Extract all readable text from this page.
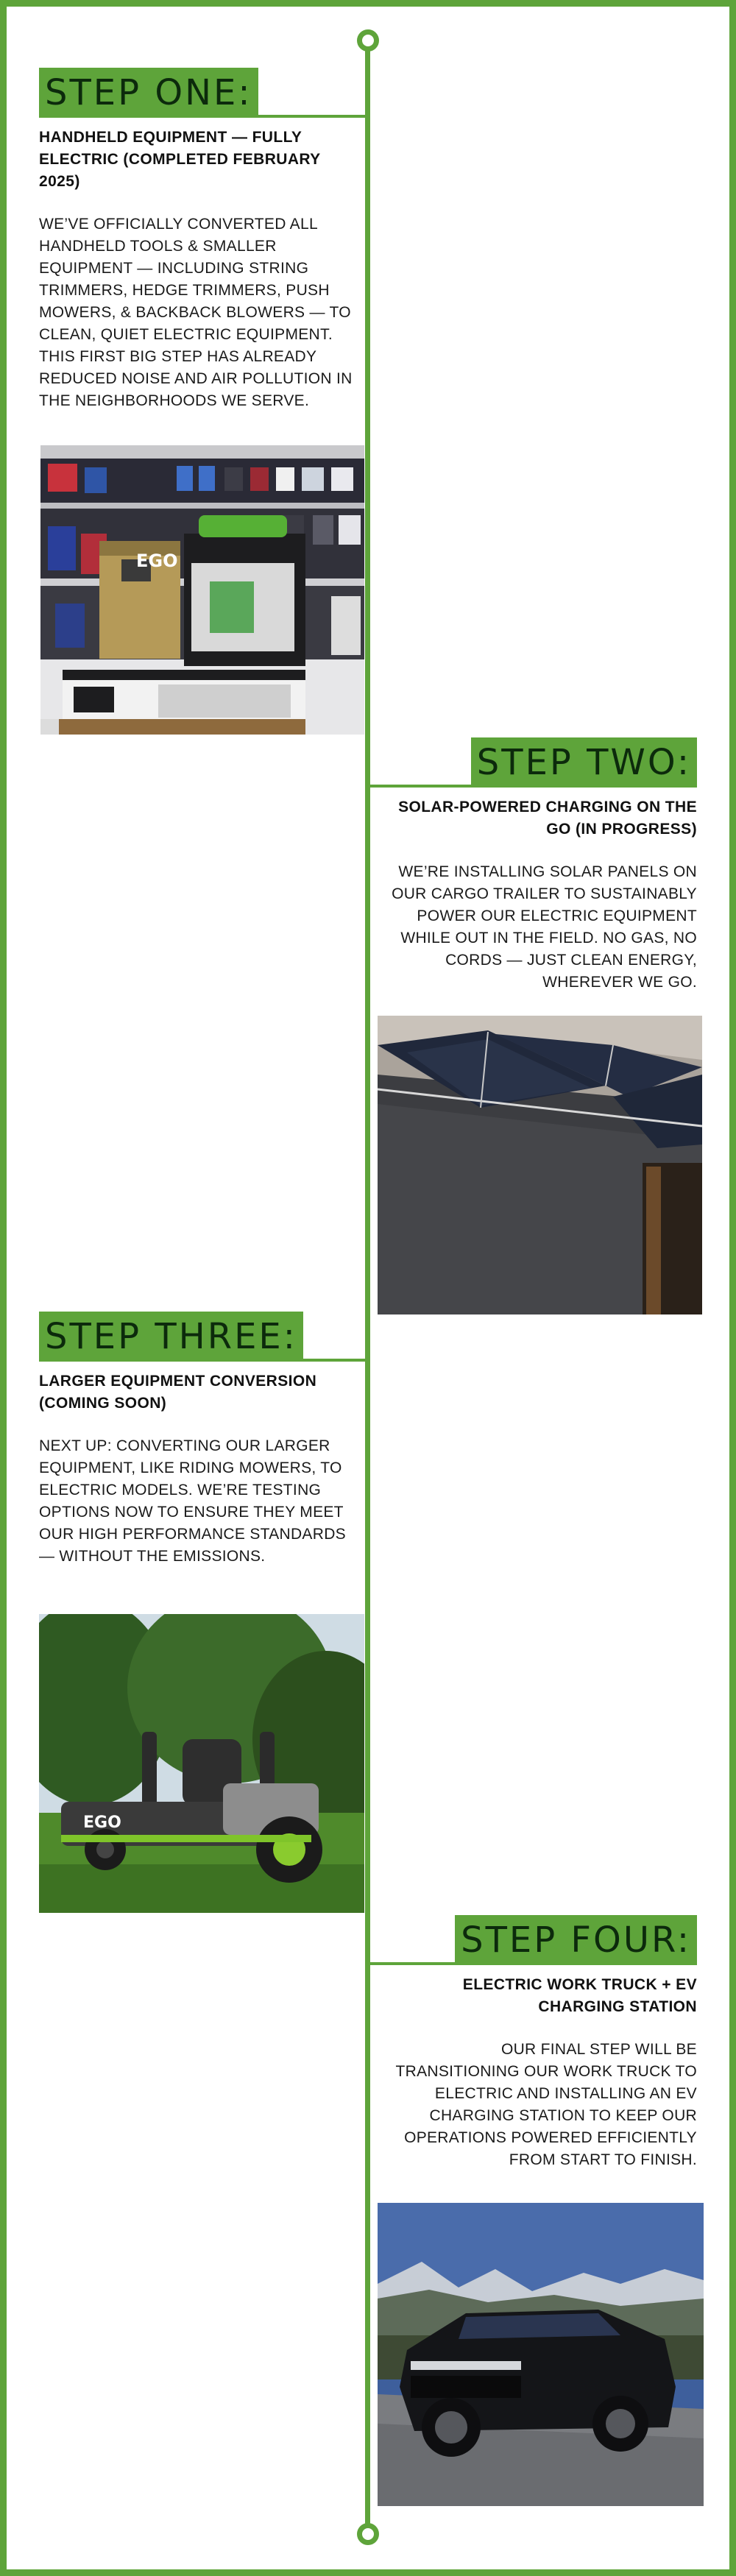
STEP ONE:

HANDHELD EQUIPMENT — FULLY ELECTRIC (COMPLETED FEBRUARY 2025)

WE’VE OFFICIALLY CONVERTED ALL HANDHELD TOOLS & SMALLER EQUIPMENT — INCLUDING STRING TRIMMERS, HEDGE TRIMMERS, PUSH MOWERS, & BACKBACK BLOWERS — TO CLEAN, QUIET ELECTRIC EQUIPMENT. THIS FIRST BIG STEP HAS ALREADY REDUCED NOISE AND AIR POLLUTION IN THE NEIGHBORHOODS WE SERVE.

EGO
STEP TWO:

SOLAR-POWERED CHARGING ON THE GO (IN PROGRESS)

WE’RE INSTALLING SOLAR PANELS ON OUR CARGO TRAILER TO SUSTAINABLY POWER OUR ELECTRIC EQUIPMENT WHILE OUT IN THE FIELD. NO GAS, NO CORDS — JUST CLEAN ENERGY, WHEREVER WE GO.

STEP THREE:

LARGER EQUIPMENT CONVERSION (COMING SOON)

NEXT UP: CONVERTING OUR LARGER EQUIPMENT, LIKE RIDING MOWERS, TO ELECTRIC MODELS. WE’RE TESTING OPTIONS NOW TO ENSURE THEY MEET OUR HIGH PERFORMANCE STANDARDS — WITHOUT THE EMISSIONS.

EGO
STEP FOUR:

ELECTRIC WORK TRUCK + EV CHARGING STATION

OUR FINAL STEP WILL BE TRANSITIONING OUR WORK TRUCK TO ELECTRIC AND INSTALLING AN EV CHARGING STATION TO KEEP OUR OPERATIONS POWERED EFFICIENTLY FROM START TO FINISH.
